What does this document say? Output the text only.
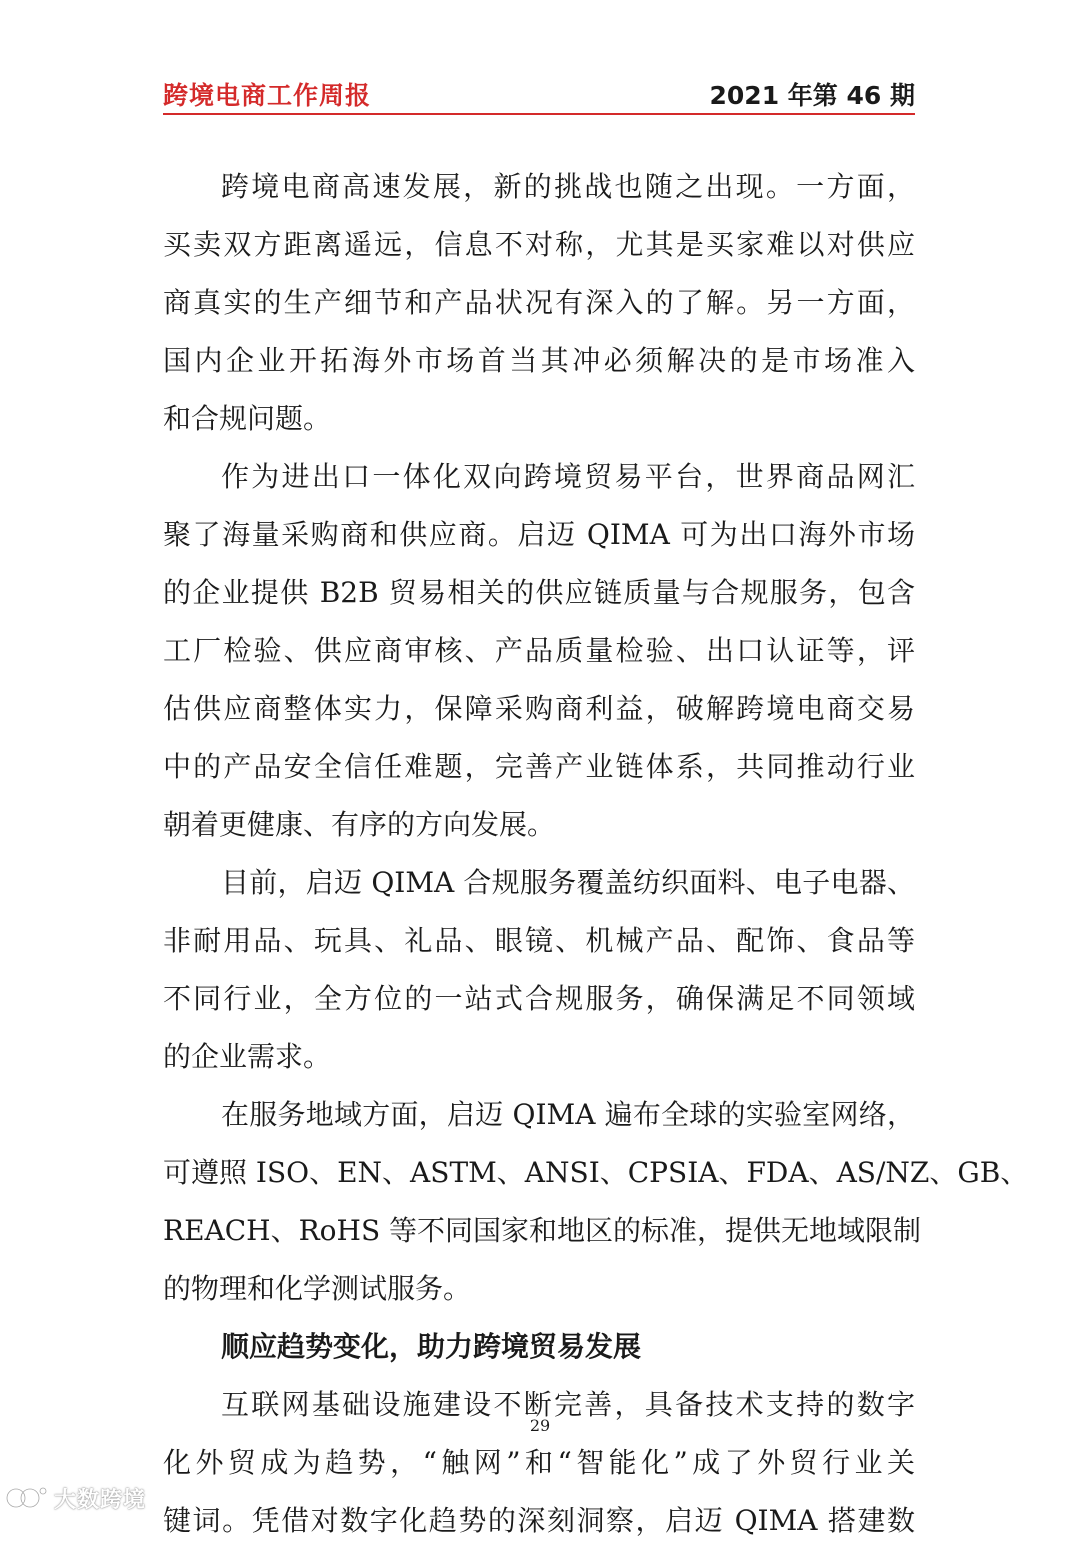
跨境电商工作周报	2021 年第 46 期
跨境电商高速发展，新的挑战也随之出现。一方面，
买卖双方距离遥远，信息不对称，尤其是买家难以对供应
商真实的生产细节和产品状况有深入的了解。另一方面，
国内企业开拓海外市场首当其冲必须解决的是市场准入
和合规问题。
作为进出口一体化双向跨境贸易平台，世界商品网汇
聚了海量采购商和供应商。启迈 QIMA 可为出口海外市场
的企业提供 B2B 贸易相关的供应链质量与合规服务，包含
工厂检验、供应商审核、产品质量检验、出口认证等，评
估供应商整体实力，保障采购商利益，破解跨境电商交易
中的产品安全信任难题，完善产业链体系，共同推动行业
朝着更健康、有序的方向发展。
目前，启迈 QIMA 合规服务覆盖纺织面料、电子电器、
非耐用品、玩具、礼品、眼镜、机械产品、配饰、食品等
不同行业，全方位的一站式合规服务，确保满足不同领域
的企业需求。
在服务地域方面，启迈 QIMA 遍布全球的实验室网络，
可遵照 ISO、EN、ASTM、ANSI、CPSIA、FDA、AS/NZ、GB、
REACH、RoHS 等不同国家和地区的标准，提供无地域限制
的物理和化学测试服务。
顺应趋势变化，助力跨境贸易发展
互联网基础设施建设不断完善，具备技术支持的数字
化外贸成为趋势，“触网”和“智能化”成了外贸行业关
键词。凭借对数字化趋势的深刻洞察，启迈 QIMA 搭建数
29
大数跨境
